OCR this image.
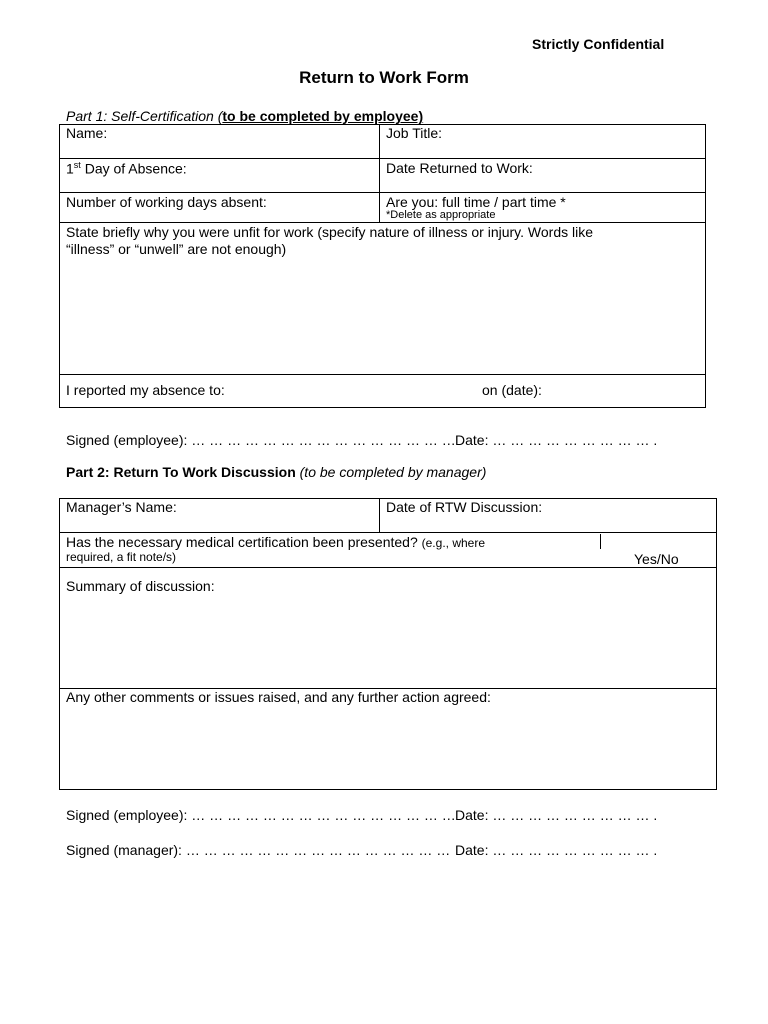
Strictly Confidential
Return to Work Form
Part 1: Self-Certification (to be completed by employee)
Name:	Job Title:
1st Day of Absence:	Date Returned to Work:
Number of working days absent:	Are you: full time / part time *
*Delete as appropriate
State briefly why you were unfit for work (specify nature of illness or injury. Words like
“illness” or “unwell” are not enough)
I reported my absence to:	on (date):
Signed (employee): … … … … … … … … … … … … … … … Date: … … … … … … … … … .
Part 2: Return To Work Discussion (to be completed by manager)
Manager’s Name:	Date of RTW Discussion:
Has the necessary medical certification been presented? (e.g., where
required, a fit note/s)	Yes/No
Summary of discussion:
Any other comments or issues raised, and any further action agreed:
Signed (employee): … … … … … … … … … … … … … … … Date: … … … … … … … … … .
Signed (manager): … … … … … … … … … … … … … … … Date: … … … … … … … … … .
